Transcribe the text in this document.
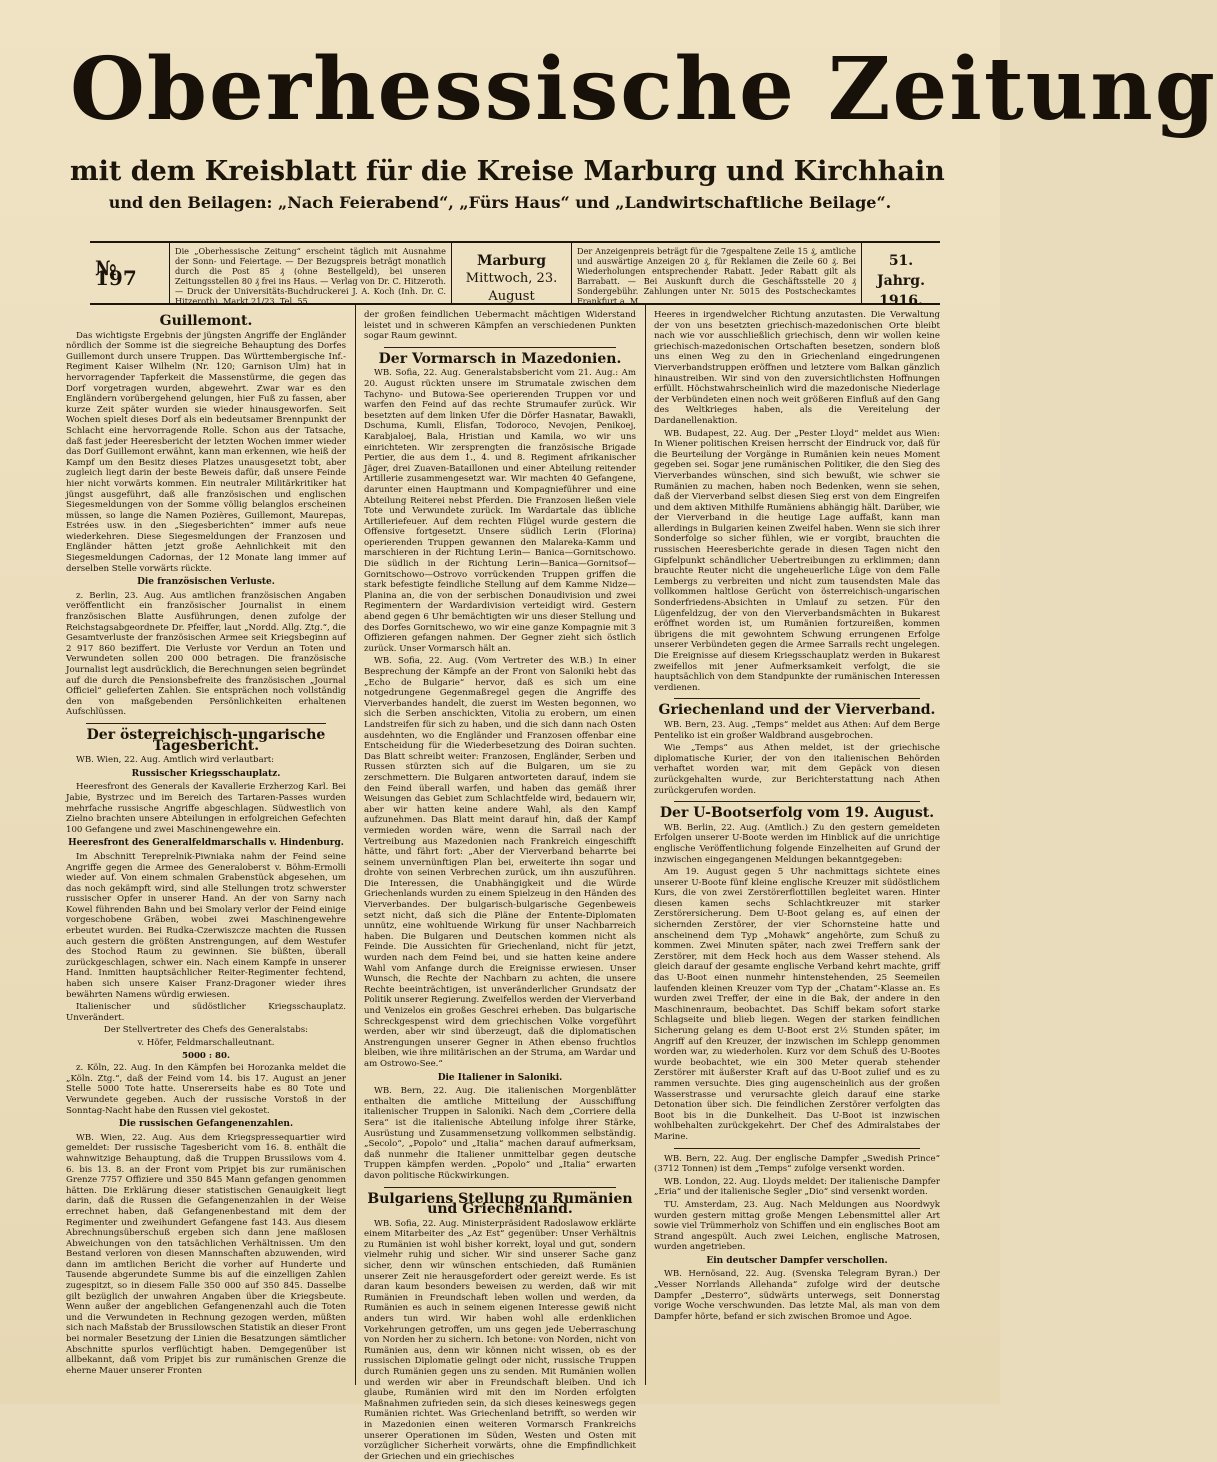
Oberhessische Zeitung
mit dem Kreisblatt für die Kreise Marburg und Kirchhain
und den Beilagen: „Nach Feierabend“, „Fürs Haus“ und „Landwirtschaftliche Beilage“.
№ 197
Die „Oberhessische Zeitung“ erscheint täglich mit Ausnahme der Sonn- und Feiertage. — Der Bezugspreis beträgt monatlich durch die Post 85 ₰ (ohne Bestellgeld), bei unseren Zeitungsstellen 80 ₰ frei ins Haus. — Verlag von Dr. C. Hitzeroth. — Druck der Universitäts-Buchdruckerei J. A. Koch (Inh. Dr. C. Hitzeroth). Markt 21/23. Tel. 55.
Marburg
Mittwoch, 23. August
Der Anzeigenpreis beträgt für die 7gespaltene Zeile 15 ₰, amtliche und auswärtige Anzeigen 20 ₰, für Reklamen die Zeile 60 ₰. Bei Wiederholungen entsprechender Rabatt. Jeder Rabatt gilt als Barrabatt. — Bei Auskunft durch die Geschäftsstelle 20 ₰ Sondergebühr. Zahlungen unter Nr. 5015 des Postscheckamtes Frankfurt a. M.
51. Jahrg.
1916.
Guillemont.

Das wichtigste Ergebnis der jüngsten Angriffe der Engländer nördlich der Somme ist die siegreiche Behauptung des Dorfes Guillemont durch unsere Truppen. Das Württembergische Inf.-Regiment Kaiser Wilhelm (Nr. 120; Garnison Ulm) hat in hervorragender Tapferkeit die Massenstürme, die gegen das Dorf vorgetragen wurden, abgewehrt. Zwar war es den Engländern vorübergehend gelungen, hier Fuß zu fassen, aber kurze Zeit später wurden sie wieder hinausgeworfen. Seit Wochen spielt dieses Dorf als ein bedeutsamer Brennpunkt der Schlacht eine hervorragende Rolle. Schon aus der Tatsache, daß fast jeder Heeresbericht der letzten Wochen immer wieder das Dorf Guillemont erwähnt, kann man erkennen, wie heiß der Kampf um den Besitz dieses Platzes unausgesetzt tobt, aber zugleich liegt darin der beste Beweis dafür, daß unsere Feinde hier nicht vorwärts kommen. Ein neutraler Militärkritiker hat jüngst ausgeführt, daß alle französischen und englischen Siegesmeldungen von der Somme völlig belanglos erscheinen müssen, so lange die Namen Pozières, Guillemont, Maurepas, Estrées usw. in den „Siegesberichten“ immer aufs neue wiederkehren. Diese Siegesmeldungen der Franzosen und Engländer hätten jetzt große Aehnlichkeit mit den Siegesmeldungen Cadornas, der 12 Monate lang immer auf derselben Stelle vorwärts rückte.

Die französischen Verluste.

z. Berlin, 23. Aug. Aus amtlichen französischen Angaben veröffentlicht ein französischer Journalist in einem französischen Blatte Ausführungen, denen zufolge der Reichstagsabgeordnete Dr. Pfeiffer, laut „Nordd. Allg. Ztg.“, die Gesamtverluste der französischen Armee seit Kriegsbeginn auf 2 917 860 beziffert. Die Verluste vor Verdun an Toten und Verwundeten sollen 200 000 betragen. Die französische Journalist legt ausdrücklich, die Berechnungen seien begründet auf die durch die Pensionsbefreite des französischen „Journal Officiel“ gelieferten Zahlen. Sie entsprächen noch vollständig den von maßgebenden Persönlichkeiten erhaltenen Aufschlüssen.

Der österreichisch-ungarische Tagesbericht.

WB. Wien, 22. Aug. Amtlich wird verlautbart:

Russischer Kriegsschauplatz.

Heeresfront des Generals der Kavallerie Erzherzog Karl. Bei Jabie, Bystrzec und im Bereich des Tartaren-Passes wurden mehrfache russische Angriffe abgeschlagen. Südwestlich von Zielno brachten unsere Abteilungen in erfolgreichen Gefechten 100 Gefangene und zwei Maschinengewehre ein.

Heeresfront des Generalfeldmarschalls v. Hindenburg.

Im Abschnitt Tereprelnik-Piwniaka nahm der Feind seine Angriffe gegen die Armee des Generaloberst v. Böhm-Ermolli wieder auf. Von einem schmalen Grabenstück abgesehen, um das noch gekämpft wird, sind alle Stellungen trotz schwerster russischer Opfer in unserer Hand. An der von Sarny nach Kowel führenden Bahn und bei Smolary verlor der Feind einige vorgeschobene Gräben, wobei zwei Maschinengewehre erbeutet wurden. Bei Rudka-Czerwiszcze machten die Russen auch gestern die größten Anstrengungen, auf dem Westufer des Stochod Raum zu gewinnen. Sie büßten, überall zurückgeschlagen, schwer ein. Nach einem Kampfe in unserer Hand. Inmitten hauptsächlicher Reiter-Regimenter fechtend, haben sich unsere Kaiser Franz-Dragoner wieder ihres bewährten Namens würdig erwiesen.

Italienischer und südöstlicher Kriegsschauplatz. Unverändert.

Der Stellvertreter des Chefs des Generalstabs:
v. Höfer, Feldmarschalleutnant.
5000 : 80.

z. Köln, 22. Aug. In den Kämpfen bei Horozanka meldet die „Köln. Ztg.“, daß der Feind vom 14. bis 17. August an jener Stelle 5000 Tote hatte. Unsererseits habe es 80 Tote und Verwundete gegeben. Auch der russische Vorstoß in der Sonntag-Nacht habe den Russen viel gekostet.

Die russischen Gefangenenzahlen.

WB. Wien, 22. Aug. Aus dem Kriegspressequartier wird gemeldet: Der russische Tagesbericht vom 16. 8. enthält die wahnwitzige Behauptung, daß die Truppen Brussilows vom 4. 6. bis 13. 8. an der Front vom Pripjet bis zur rumänischen Grenze 7757 Offiziere und 350 845 Mann gefangen genommen hätten. Die Erklärung dieser statistischen Genauigkeit liegt darin, daß die Russen die Gefangenenzahlen in der Weise errechnet haben, daß Gefangenenbestand mit dem der Regimenter und zweihundert Gefangene fast 143. Aus diesem Abrechnungsüberschuß ergeben sich dann jene maßlosen Abweichungen von den tatsächlichen Verhältnissen. Um den Bestand verloren von diesen Mannschaften abzuwenden, wird dann im amtlichen Bericht die vorher auf Hunderte und Tausende abgerundete Summe bis auf die einzelligen Zahlen zugespitzt, so in diesem Falle 350 000 auf 350 845. Dasselbe gilt bezüglich der unwahren Angaben über die Kriegsbeute. Wenn außer der angeblichen Gefangenenzahl auch die Toten und die Verwundeten in Rechnung gezogen werden, müßten sich nach Maßstab der Brussilowschen Statistik an dieser Front bei normaler Besetzung der Linien die Besatzungen sämtlicher Abschnitte spurlos verflüchtigt haben. Demgegenüber ist allbekannt, daß vom Pripjet bis zur rumänischen Grenze die eherne Mauer unserer Fronten

der großen feindlichen Uebermacht mächtigen Widerstand leistet und in schweren Kämpfen an verschiedenen Punkten sogar Raum gewinnt.

Der Vormarsch in Mazedonien.

WB. Sofia, 22. Aug. Generalstabsbericht vom 21. Aug.: Am 20. August rückten unsere im Strumatale zwischen dem Tachyno- und Butowa-See operierenden Truppen vor und warfen den Feind auf das rechte Strumaufer zurück. Wir besetzten auf dem linken Ufer die Dörfer Hasnatar, Bawakli, Dschuma, Kumli, Elisfan, Todoroco, Nevojen, Penikoej, Karabjaloej, Bala, Hristian und Kamila, wo wir uns einrichteten. Wir zersprengten die französische Brigade Pertier, die aus dem 1., 4. und 8. Regiment afrikanischer Jäger, drei Zuaven-Bataillonen und einer Abteilung reitender Artillerie zusammengesetzt war. Wir machten 40 Gefangene, darunter einen Hauptmann und Kompagnieführer und eine Abteilung Reiterei nebst Pferden. Die Franzosen ließen viele Tote und Verwundete zurück. Im Wardartale das übliche Artilleriefeuer. Auf dem rechten Flügel wurde gestern die Offensive fortgesetzt. Unsere südlich Lerin (Florina) operierenden Truppen gewannen den Malareka-Kamm und marschieren in der Richtung Lerin— Banica—Gornitschowo. Die südlich in der Richtung Lerin—Banica—Gornitsof—Gornitschowo—Ostrovo vorrückenden Truppen griffen die stark befestigte feindliche Stellung auf dem Kamme Nidze—Planina an, die von der serbischen Donaudivision und zwei Regimentern der Wardardivision verteidigt wird. Gestern abend gegen 6 Uhr bemächtigten wir uns dieser Stellung und des Dorfes Gornitschewo, wo wir eine ganze Kompagnie mit 3 Offizieren gefangen nahmen. Der Gegner zieht sich östlich zurück. Unser Vormarsch hält an.

WB. Sofia, 22. Aug. (Vom Vertreter des W.B.) In einer Besprechung der Kämpfe an der Front von Saloniki hebt das „Echo de Bulgarie“ hervor, daß es sich um eine notgedrungene Gegenmaßregel gegen die Angriffe des Vierverbandes handelt, die zuerst im Westen begonnen, wo sich die Serben anschickten, Vitolia zu erobern, um einen Landstreifen für sich zu haben, und die sich dann nach Osten ausdehnten, wo die Engländer und Franzosen offenbar eine Entscheidung für die Wiederbesetzung des Doiran suchten. Das Blatt schreibt weiter: Franzosen, Engländer, Serben und Russen stürzten sich auf die Bulgaren, um sie zu zerschmettern. Die Bulgaren antworteten darauf, indem sie den Feind überall warfen, und haben das gemäß ihrer Weisungen das Gebiet zum Schlachtfelde wird, bedauern wir, aber wir hatten keine andere Wahl, als den Kampf aufzunehmen. Das Blatt meint darauf hin, daß der Kampf vermieden worden wäre, wenn die Sarrail nach der Vertreibung aus Mazedonien nach Frankreich eingeschifft hätte, und fährt fort: „Aber der Vierverband beharrte bei seinem unvernünftigen Plan bei, erweiterte ihn sogar und drohte von seinen Verbrechen zurück, um ihn auszuführen. Die Interessen, die Unabhängigkeit und die Würde Griechenlands wurden zu einem Spielzeug in den Händen des Vierverbandes. Der bulgarisch-bulgarische Gegenbeweis setzt nicht, daß sich die Pläne der Entente-Diplomaten unnütz, eine wohltuende Wirkung für unser Nachbarreich haben. Die Bulgaren und Deutschen kommen nicht als Feinde. Die Aussichten für Griechenland, nicht für jetzt, wurden nach dem Feind bei, und sie hatten keine andere Wahl vom Anfange durch die Ereignisse erwiesen. Unser Wunsch, die Rechte der Nachbarn zu achten, die unsere Rechte beeinträchtigen, ist unveränderlicher Grundsatz der Politik unserer Regierung. Zweifellos werden der Vierverband und Venizelos ein großes Geschrei erheben. Das bulgarische Schreckgespenst wird dem griechischen Volke vorgeführt werden, aber wir sind überzeugt, daß die diplomatischen Anstrengungen unserer Gegner in Athen ebenso fruchtlos bleiben, wie ihre militärischen an der Struma, am Wardar und am Ostrowo-See.“

Die Italiener in Saloniki.

WB. Bern, 22. Aug. Die italienischen Morgenblätter enthalten die amtliche Mitteilung der Ausschiffung italienischer Truppen in Saloniki. Nach dem „Corriere della Sera“ ist die italienische Abteilung infolge ihrer Stärke, Ausrüstung und Zusammensetzung vollkommen selbständig. „Secolo“, „Popolo“ und „Italia“ machen darauf aufmerksam, daß nunmehr die Italiener unmittelbar gegen deutsche Truppen kämpfen werden. „Popolo“ und „Italia“ erwarten davon politische Rückwirkungen.

Bulgariens Stellung zu Rumänien und Griechenland.

WB. Sofia, 22. Aug. Ministerpräsident Radoslawow erklärte einem Mitarbeiter des „Az Est“ gegenüber: Unser Verhältnis zu Rumänien ist wohl bisher korrekt, loyal und gut, sondern vielmehr ruhig und sicher. Wir sind unserer Sache ganz sicher, denn wir wünschen entschieden, daß Rumänien unserer Zeit nie herausgefordert oder gereizt werde. Es ist daran kaum besonders beweisen zu werden, daß wir mit Rumänien in Freundschaft leben wollen und werden, da Rumänien es auch in seinem eigenen Interesse gewiß nicht anders tun wird. Wir haben wohl alle erdenklichen Vorkehrungen getroffen, um uns gegen jede Ueberraschung von Norden her zu sichern. Ich betone: von Norden, nicht von Rumänien aus, denn wir können nicht wissen, ob es der russischen Diplomatie gelingt oder nicht, russische Truppen durch Rumänien gegen uns zu senden. Mit Rumänien wollen und werden wir aber in Freundschaft bleiben. Und ich glaube, Rumänien wird mit den im Norden erfolgten Maßnahmen zufrieden sein, da sich dieses keineswegs gegen Rumänien richtet. Was Griechenland betrifft, so werden wir in Mazedonien einen weiteren Vormarsch Frankreichs unserer Operationen im Süden, Westen und Osten mit vorzüglicher Sicherheit vorwärts, ohne die Empfindlichkeit der Griechen und ein griechisches

Heeres in irgendwelcher Richtung anzutasten. Die Verwaltung der von uns besetzten griechisch-mazedonischen Orte bleibt nach wie vor ausschließlich griechisch, denn wir wollen keine griechisch-mazedonischen Ortschaften besetzen, sondern bloß uns einen Weg zu den in Griechenland eingedrungenen Vierverbandstruppen eröffnen und letztere vom Balkan gänzlich hinaustreiben. Wir sind von den zuversichtlichsten Hoffnungen erfüllt. Höchstwahrscheinlich wird die mazedonische Niederlage der Verbündeten einen noch weit größeren Einfluß auf den Gang des Weltkrieges haben, als die Vereitelung der Dardanellenaktion.

WB. Budapest, 22. Aug. Der „Pester Lloyd“ meldet aus Wien: In Wiener politischen Kreisen herrscht der Eindruck vor, daß für die Beurteilung der Vorgänge in Rumänien kein neues Moment gegeben sei. Sogar jene rumänischen Politiker, die den Sieg des Vierverbandes wünschen, sind sich bewußt, wie schwer sie Rumänien zu machen, haben noch Bedenken, wenn sie sehen, daß der Vierverband selbst diesen Sieg erst von dem Eingreifen und dem aktiven Mithilfe Rumäniens abhängig hält. Darüber, wie der Vierverband in die heutige Lage auffaßt, kann man allerdings in Bulgarien keinen Zweifel haben. Wenn sie sich ihrer Sonderfolge so sicher fühlen, wie er vorgibt, brauchten die russischen Heeresberichte gerade in diesen Tagen nicht den Gipfelpunkt schändlicher Uebertreibungen zu erklimmen; dann brauchte Reuter nicht die ungeheuerliche Lüge von dem Falle Lembergs zu verbreiten und nicht zum tausendsten Male das vollkommen haltlose Gerücht von österreichisch-ungarischen Sonderfriedens-Absichten in Umlauf zu setzen. Für den Lügenfeldzug, der von den Vierverbandsmächten in Bukarest eröffnet worden ist, um Rumänien fortzureißen, kommen übrigens die mit gewohntem Schwung errungenen Erfolge unserer Verbündeten gegen die Armee Sarrails recht ungelegen. Die Ereignisse auf diesem Kriegsschauplatz werden in Bukarest zweifellos mit jener Aufmerksamkeit verfolgt, die sie hauptsächlich von dem Standpunkte der rumänischen Interessen verdienen.

Griechenland und der Vierverband.

WB. Bern, 23. Aug. „Temps“ meldet aus Athen: Auf dem Berge Penteliko ist ein großer Waldbrand ausgebrochen.

Wie „Temps“ aus Athen meldet, ist der griechische diplomatische Kurier, der von den italienischen Behörden verhaftet worden war, mit dem Gepäck von diesen zurückgehalten wurde, zur Berichterstattung nach Athen zurückgerufen worden.

Der U-Bootserfolg vom 19. August.

WB. Berlin, 22. Aug. (Amtlich.) Zu den gestern gemeldeten Erfolgen unserer U-Boote werden im Hinblick auf die unrichtige englische Veröffentlichung folgende Einzelheiten auf Grund der inzwischen eingegangenen Meldungen bekanntgegeben:

Am 19. August gegen 5 Uhr nachmittags sichtete eines unserer U-Boote fünf kleine englische Kreuzer mit südöstlichem Kurs, die von zwei Zerstörerflottillen begleitet waren. Hinter diesen kamen sechs Schlachtkreuzer mit starker Zerstörersicherung. Dem U-Boot gelang es, auf einen der sichernden Zerstörer, der vier Schornsteine hatte und anscheinend dem Typ „Mohawk“ angehörte, zum Schuß zu kommen. Zwei Minuten später, nach zwei Treffern sank der Zerstörer, mit dem Heck hoch aus dem Wasser stehend. Als gleich darauf der gesamte englische Verband kehrt machte, griff das U-Boot einen nunmehr hintenstehenden, 25 Seemeilen laufenden kleinen Kreuzer vom Typ der „Chatam“-Klasse an. Es wurden zwei Treffer, der eine in die Bak, der andere in den Maschinenraum, beobachtet. Das Schiff bekam sofort starke Schlagseite und blieb liegen. Wegen der starken feindlichen Sicherung gelang es dem U-Boot erst 2½ Stunden später, im Angriff auf den Kreuzer, der inzwischen im Schlepp genommen worden war, zu wiederholen. Kurz vor dem Schuß des U-Bootes wurde beobachtet, wie ein 300 Meter querab stehender Zerstörer mit äußerster Kraft auf das U-Boot zulief und es zu rammen versuchte. Dies ging augenscheinlich aus der großen Wasserstrasse und verursachte gleich darauf eine starke Detonation über sich. Die feindlichen Zerstörer verfolgten das Boot bis in die Dunkelheit. Das U-Boot ist inzwischen wohlbehalten zurückgekehrt. Der Chef des Admiralstabes der Marine.

WB. Bern, 22. Aug. Der englische Dampfer „Swedish Prince“ (3712 Tonnen) ist dem „Temps“ zufolge versenkt worden.

WB. London, 22. Aug. Lloyds meldet: Der italienische Dampfer „Eria“ und der italienische Segler „Dio“ sind versenkt worden.

TU. Amsterdam, 23. Aug. Nach Meldungen aus Noordwyk wurden gestern mittag große Mengen Lebensmittel aller Art sowie viel Trümmerholz von Schiffen und ein englisches Boot am Strand angespült. Auch zwei Leichen, englische Matrosen, wurden angetrieben.

Ein deutscher Dampfer verschollen.

WB. Hernösand, 22. Aug. (Svenska Telegram Byran.) Der „Vesser Norrlands Allehanda“ zufolge wird der deutsche Dampfer „Desterro“, südwärts unterwegs, seit Donnerstag vorige Woche verschwunden. Das letzte Mal, als man von dem Dampfer hörte, befand er sich zwischen Bromoe und Agoe.
